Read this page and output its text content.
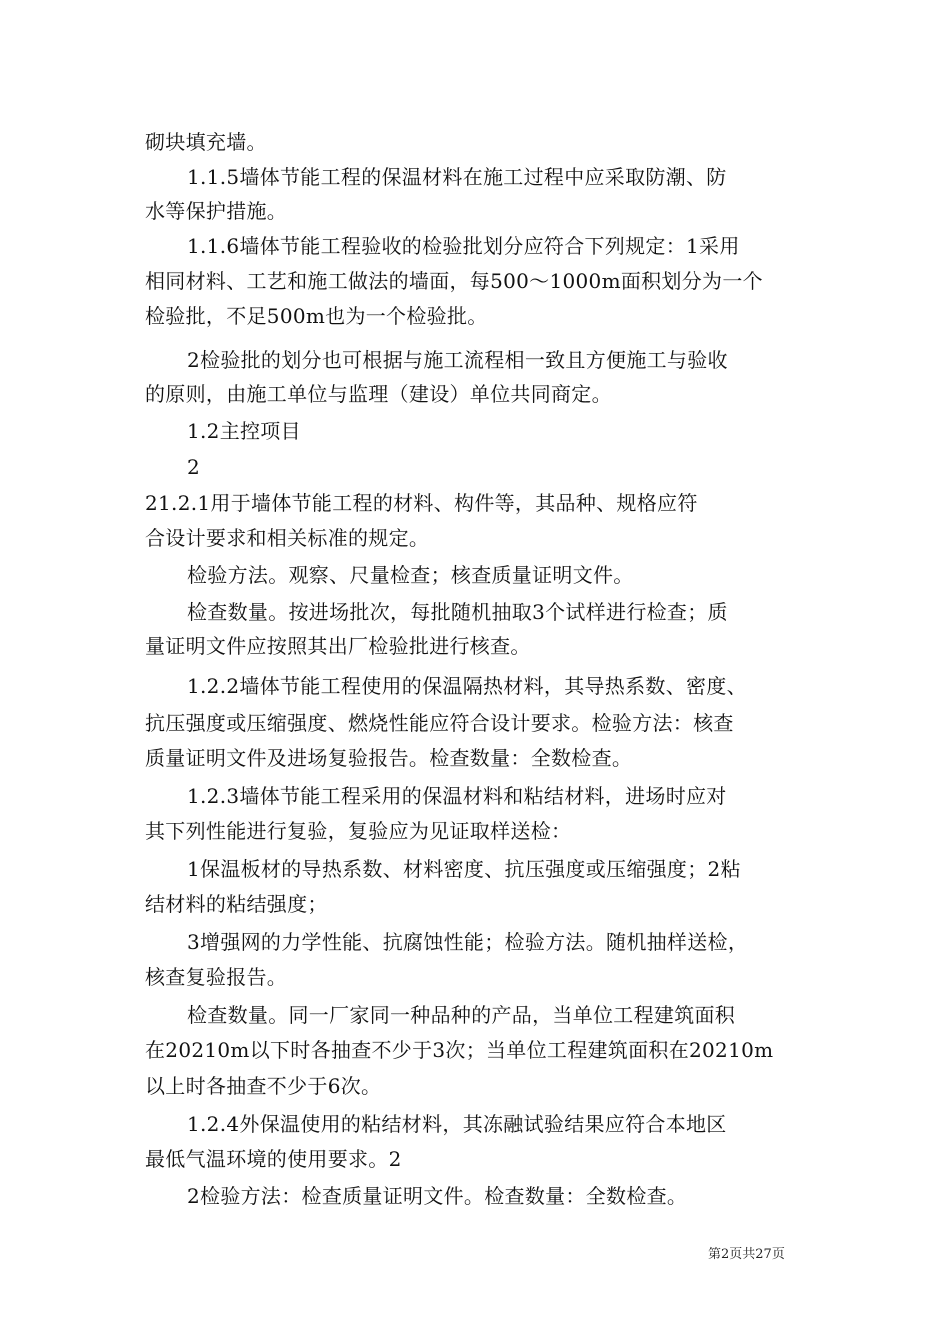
砌块填充墙。
1.1.5墙体节能工程的保温材料在施工过程中应采取防潮、防
水等保护措施。
1.1.6墙体节能工程验收的检验批划分应符合下列规定：1采用
相同材料、工艺和施工做法的墙面，每500～1000m面积划分为一个
检验批，不足500m也为一个检验批。
2检验批的划分也可根据与施工流程相一致且方便施工与验收
的原则，由施工单位与监理（建设）单位共同商定。
1.2主控项目
2
21.2.1用于墙体节能工程的材料、构件等，其品种、规格应符
合设计要求和相关标准的规定。
检验方法。观察、尺量检查；核查质量证明文件。
检查数量。按进场批次，每批随机抽取3个试样进行检查；质
量证明文件应按照其出厂检验批进行核查。
1.2.2墙体节能工程使用的保温隔热材料，其导热系数、密度、
抗压强度或压缩强度、燃烧性能应符合设计要求。检验方法：核查
质量证明文件及进场复验报告。检查数量：全数检查。
1.2.3墙体节能工程采用的保温材料和粘结材料，进场时应对
其下列性能进行复验，复验应为见证取样送检：
1保温板材的导热系数、材料密度、抗压强度或压缩强度；2粘
结材料的粘结强度；
3增强网的力学性能、抗腐蚀性能；检验方法。随机抽样送检，
核查复验报告。
检查数量。同一厂家同一种品种的产品，当单位工程建筑面积
在20210m以下时各抽查不少于3次；当单位工程建筑面积在20210m
以上时各抽查不少于6次。
1.2.4外保温使用的粘结材料，其冻融试验结果应符合本地区
最低气温环境的使用要求。2
2检验方法：检查质量证明文件。检查数量：全数检查。
第2页共27页
